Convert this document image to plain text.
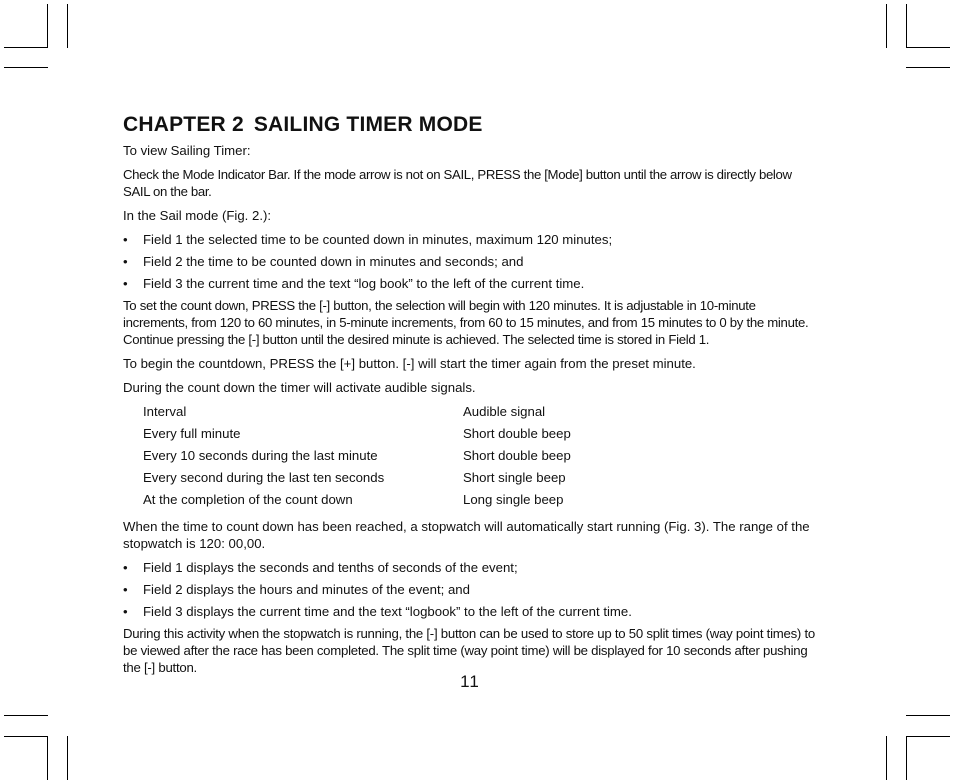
CHAPTER 2 SAILING TIMER MODE

To view Sailing Timer:

Check the Mode Indicator Bar. If the mode arrow is not on SAIL, PRESS the [Mode] button until the arrow is directly below SAIL on the bar.

In the Sail mode (Fig. 2.):

• Field 1 the selected time to be counted down in minutes, maximum 120 minutes;
• Field 2 the time to be counted down in minutes and seconds; and
• Field 3 the current time and the text “log book” to the left of the current time.

To set the count down, PRESS the [-] button, the selection will begin with 120 minutes. It is adjustable in 10-minute increments, from 120 to 60 minutes, in 5-minute increments, from 60 to 15 minutes, and from 15 minutes to 0 by the minute. Continue pressing the [-] button until the desired minute is achieved. The selected time is stored in Field 1.

To begin the countdown, PRESS the [+] button. [-] will start the timer again from the preset minute.

During the count down the timer will activate audible signals.

Interval	Audible signal
Every full minute	Short double beep
Every 10 seconds during the last minute	Short double beep
Every second during the last ten seconds	Short single beep
At the completion of the count down	Long single beep

When the time to count down has been reached, a stopwatch will automatically start running (Fig. 3). The range of the stopwatch is 120: 00,00.

• Field 1 displays the seconds and tenths of seconds of the event;
• Field 2 displays the hours and minutes of the event; and
• Field 3 displays the current time and the text “logbook” to the left of the current time.

During this activity when the stopwatch is running, the [-] button can be used to store up to 50 split times (way point times) to be viewed after the race has been completed. The split time (way point time) will be displayed for 10 seconds after pushing the [-] button.

11
